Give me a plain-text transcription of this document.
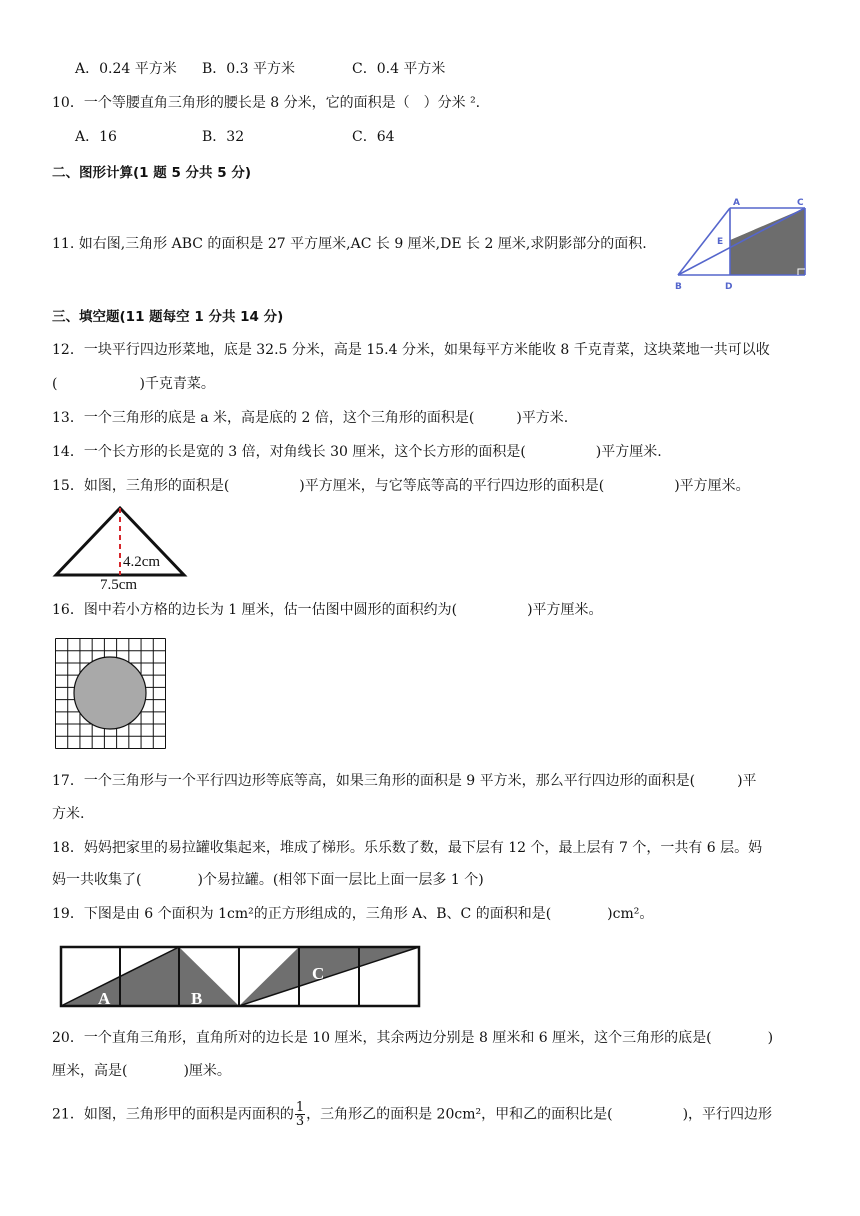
A．0.24 平方米 B．0.3 平方米	C．0.4 平方米
10．一个等腰直角三角形的腰长是 8 分米，它的面积是（　）分米 ².
A．16	B．32	C．64
二、图形计算(1 题 5 分共 5 分)
11. 如右图,三角形 ABC 的面积是 27 平方厘米,AC 长 9 厘米,DE 长 2 厘米,求阴影部分的面积.
A	C
E
B	D
三、填空题(11 题每空 1 分共 14 分)
12．一块平行四边形菜地，底是 32.5 分米，高是 15.4 分米，如果每平方米能收 8 千克青菜，这块菜地一共可以收
(	)千克青菜。
13．一个三角形的底是 a 米，高是底的 2 倍，这个三角形的面积是(　　　)平方米.
14．一个长方形的长是宽的 3 倍，对角线长 30 厘米，这个长方形的面积是(　　　　　)平方厘米.
15．如图，三角形的面积是(　　　　　)平方厘米，与它等底等高的平行四边形的面积是(　　　　　)平方厘米。
4.2cm
7.5cm
16．图中若小方格的边长为 1 厘米，估一估图中圆形的面积约为(　　　　　)平方厘米。
17．一个三角形与一个平行四边形等底等高，如果三角形的面积是 9 平方米，那么平行四边形的面积是(　　　)平
方米.
18．妈妈把家里的易拉罐收集起来，堆成了梯形。乐乐数了数，最下层有 12 个，最上层有 7 个，一共有 6 层。妈
妈一共收集了(　　　　)个易拉罐。(相邻下面一层比上面一层多 1 个)
19．下图是由 6 个面积为 1cm²的正方形组成的，三角形 A、B、C 的面积和是(　　　　)cm²。
A	B
C
20．一个直角三角形，直角所对的边长是 10 厘米，其余两边分别是 8 厘米和 6 厘米，这个三角形的底是(　　　　)
厘米，高是(　　　　)厘米。
21．如图，三角形甲的面积是丙面积的 $\frac{1}{3}$ ，三角形乙的面积是 20cm²，甲和乙的面积比是(　　　　　)，平行四边形
